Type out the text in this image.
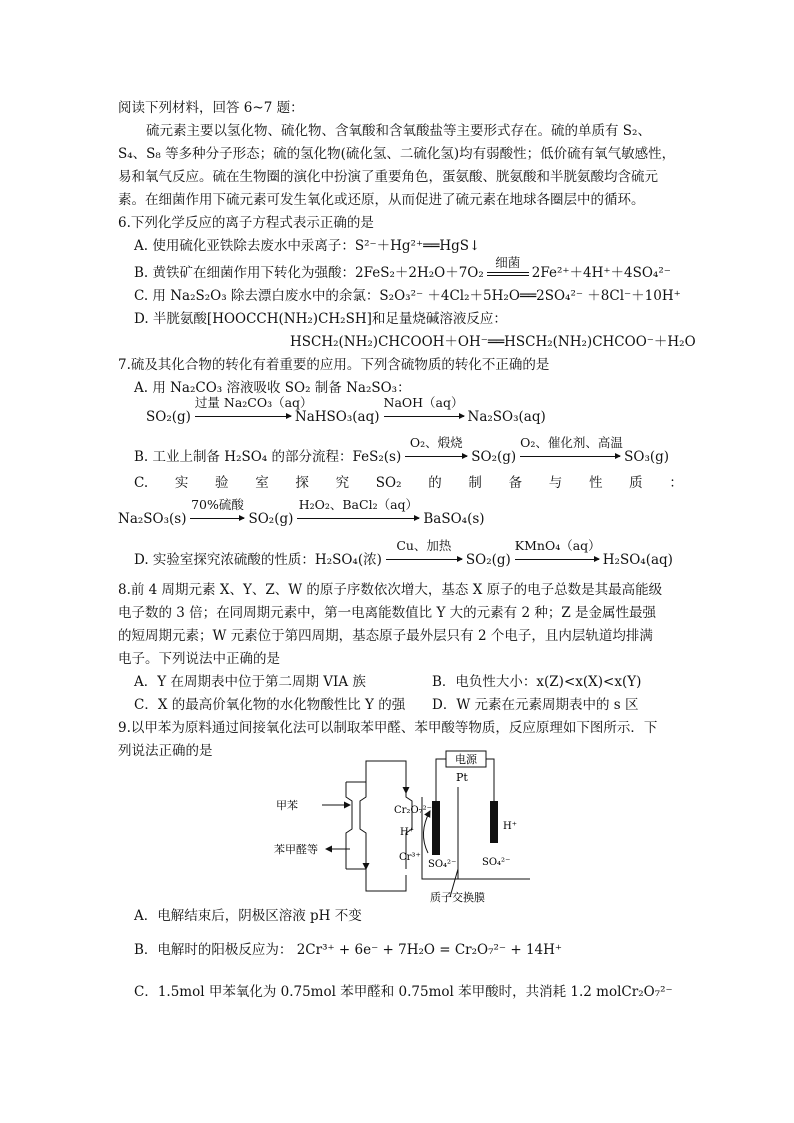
阅读下列材料，回答 6~7 题：
硫元素主要以氢化物、硫化物、含氧酸和含氧酸盐等主要形式存在。硫的单质有 S₂、
S₄、S₈ 等多种分子形态；硫的氢化物(硫化氢、二硫化氢)均有弱酸性；低价硫有氧气敏感性，
易和氧气反应。硫在生物圈的演化中扮演了重要角色，蛋氨酸、胱氨酸和半胱氨酸均含硫元
素。在细菌作用下硫元素可发生氧化或还原，从而促进了硫元素在地球各圈层中的循环。
6.下列化学反应的离子方程式表示正确的是
A. 使用硫化亚铁除去废水中汞离子：S²⁻＋Hg²⁺══HgS↓
B. 黄铁矿在细菌作用下转化为强酸：2FeS₂＋2H₂O＋7O₂
细菌
2Fe²⁺＋4H⁺＋4SO₄²⁻
C. 用 Na₂S₂O₃ 除去漂白废水中的余氯：S₂O₃²⁻ ＋4Cl₂＋5H₂O══2SO₄²⁻ ＋8Cl⁻＋10H⁺
D. 半胱氨酸[HOOCCH(NH₂)CH₂SH]和足量烧碱溶液反应：
HSCH₂(NH₂)CHCOOH＋OH⁻══HSCH₂(NH₂)CHCOO⁻＋H₂O
7.硫及其化合物的转化有着重要的应用。下列含硫物质的转化不正确的是
A. 用 Na₂CO₃ 溶液吸收 SO₂ 制备 Na₂SO₃：
SO₂(g)
过量 Na₂CO₃（aq）
NaHSO₃(aq)
NaOH（aq）
Na₂SO₃(aq)
B. 工业上制备 H₂SO₄ 的部分流程：FeS₂(s)
O₂、煅烧
SO₂(g)
O₂、催化剂、高温
SO₃(g)
C. 实 验 室 探 究 SO₂ 的 制 备 与 性 质 ：
Na₂SO₃(s)
70%硫酸
SO₂(g)
H₂O₂、BaCl₂（aq）
BaSO₄(s)
D. 实验室探究浓硫酸的性质：H₂SO₄(浓)
Cu、加热
SO₂(g)
KMnO₄（aq）
H₂SO₄(aq)
8.前 4 周期元素 X、Y、Z、W 的原子序数依次增大，基态 X 原子的电子总数是其最高能级
电子数的 3 倍；在同周期元素中，第一电离能数值比 Y 大的元素有 2 种；Z 是金属性最强
的短周期元素；W 元素位于第四周期，基态原子最外层只有 2 个电子，且内层轨道均排满
电子。下列说法中正确的是
A．Y 在周期表中位于第二周期 VIA 族	B．电负性大小：x(Z)<x(X)<x(Y)
C．X 的最高价氧化物的水化物酸性比 Y 的强 D．W 元素在元素周期表中的 s 区
9.以甲苯为原料通过间接氧化法可以制取苯甲醛、苯甲酸等物质，反应原理如下图所示．下
列说法正确的是
电源
Pt
甲苯
苯甲醛等
Cr₂O₇²⁻
H⁺
Cr³⁺
SO₄²⁻
H⁺
SO₄²⁻
质子交换膜
A．电解结束后，阴极区溶液 pH 不变
B．电解时的阳极反应为： 2Cr³⁺ + 6e⁻ + 7H₂O = Cr₂O₇²⁻ + 14H⁺
C．1.5mol 甲苯氧化为 0.75mol 苯甲醛和 0.75mol 苯甲酸时，共消耗 1.2 molCr₂O₇²⁻
